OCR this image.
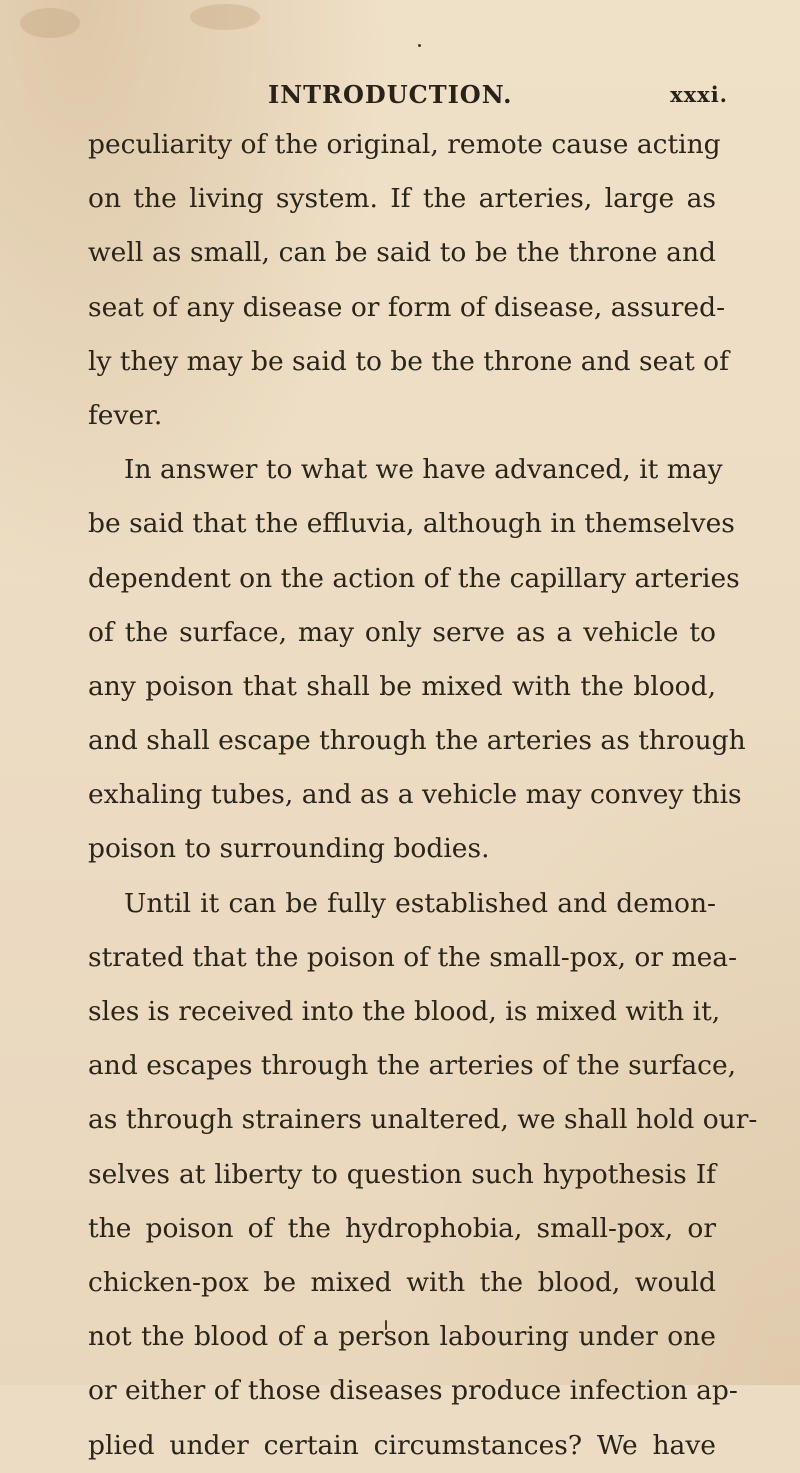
INTRODUCTION.	xxxi.
peculiarity of the original, remote cause acting
on the living system. If the arteries, large as
well as small, can be said to be the throne and
seat of any disease or form of disease, assured-
ly they may be said to be the throne and seat of
fever.
In answer to what we have advanced, it may
be said that the effluvia, although in themselves
dependent on the action of the capillary arteries
of the surface, may only serve as a vehicle to
any poison that shall be mixed with the blood,
and shall escape through the arteries as through
exhaling tubes, and as a vehicle may convey this
poison to surrounding bodies.
Until it can be fully established and demon-
strated that the poison of the small-pox, or mea-
sles is received into the blood, is mixed with it,
and escapes through the arteries of the surface,
as through strainers unaltered, we shall hold our-
selves at liberty to question such hypothesis If
the poison of the hydrophobia, small-pox, or
chicken-pox be mixed with the blood, would
not the blood of a person labouring under one
or either of those diseases produce infection ap-
plied under certain circumstances? We have
